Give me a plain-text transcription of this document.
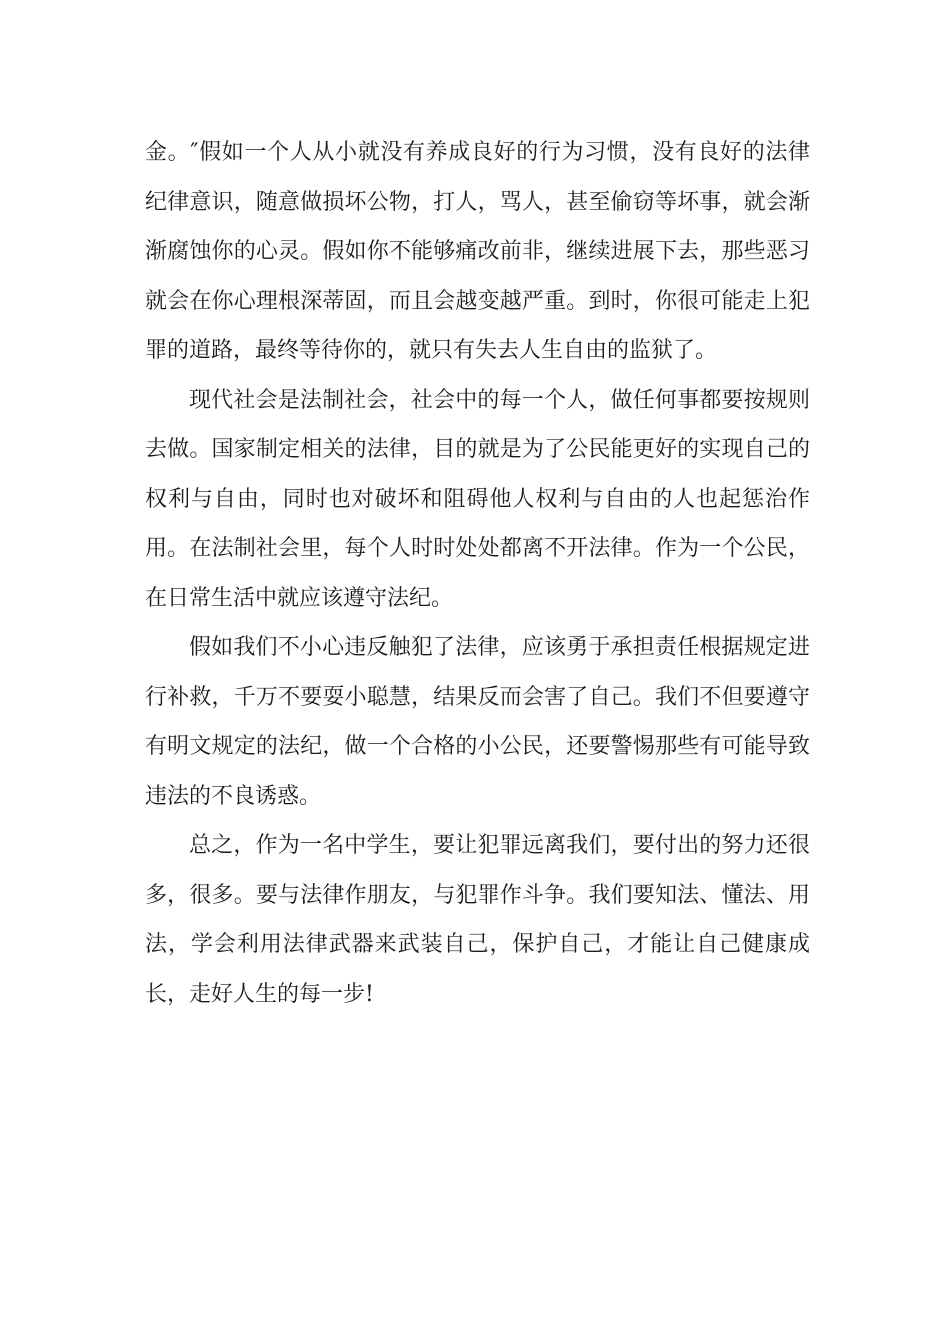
金。″假如一个人从小就没有养成良好的行为习惯，没有良好的法律纪律意识，随意做损坏公物，打人，骂人，甚至偷窃等坏事，就会渐渐腐蚀你的心灵。假如你不能够痛改前非，继续进展下去，那些恶习就会在你心理根深蒂固，而且会越变越严重。到时，你很可能走上犯罪的道路，最终等待你的，就只有失去人生自由的监狱了。

现代社会是法制社会，社会中的每一个人，做任何事都要按规则去做。国家制定相关的法律，目的就是为了公民能更好的实现自己的权利与自由，同时也对破坏和阻碍他人权利与自由的人也起惩治作用。在法制社会里，每个人时时处处都离不开法律。作为一个公民，在日常生活中就应该遵守法纪。

假如我们不小心违反触犯了法律，应该勇于承担责任根据规定进行补救，千万不要耍小聪慧，结果反而会害了自己。我们不但要遵守有明文规定的法纪，做一个合格的小公民，还要警惕那些有可能导致违法的不良诱惑。

总之，作为一名中学生，要让犯罪远离我们，要付出的努力还很多，很多。要与法律作朋友，与犯罪作斗争。我们要知法、懂法、用法，学会利用法律武器来武装自己，保护自己，才能让自己健康成长，走好人生的每一步!
